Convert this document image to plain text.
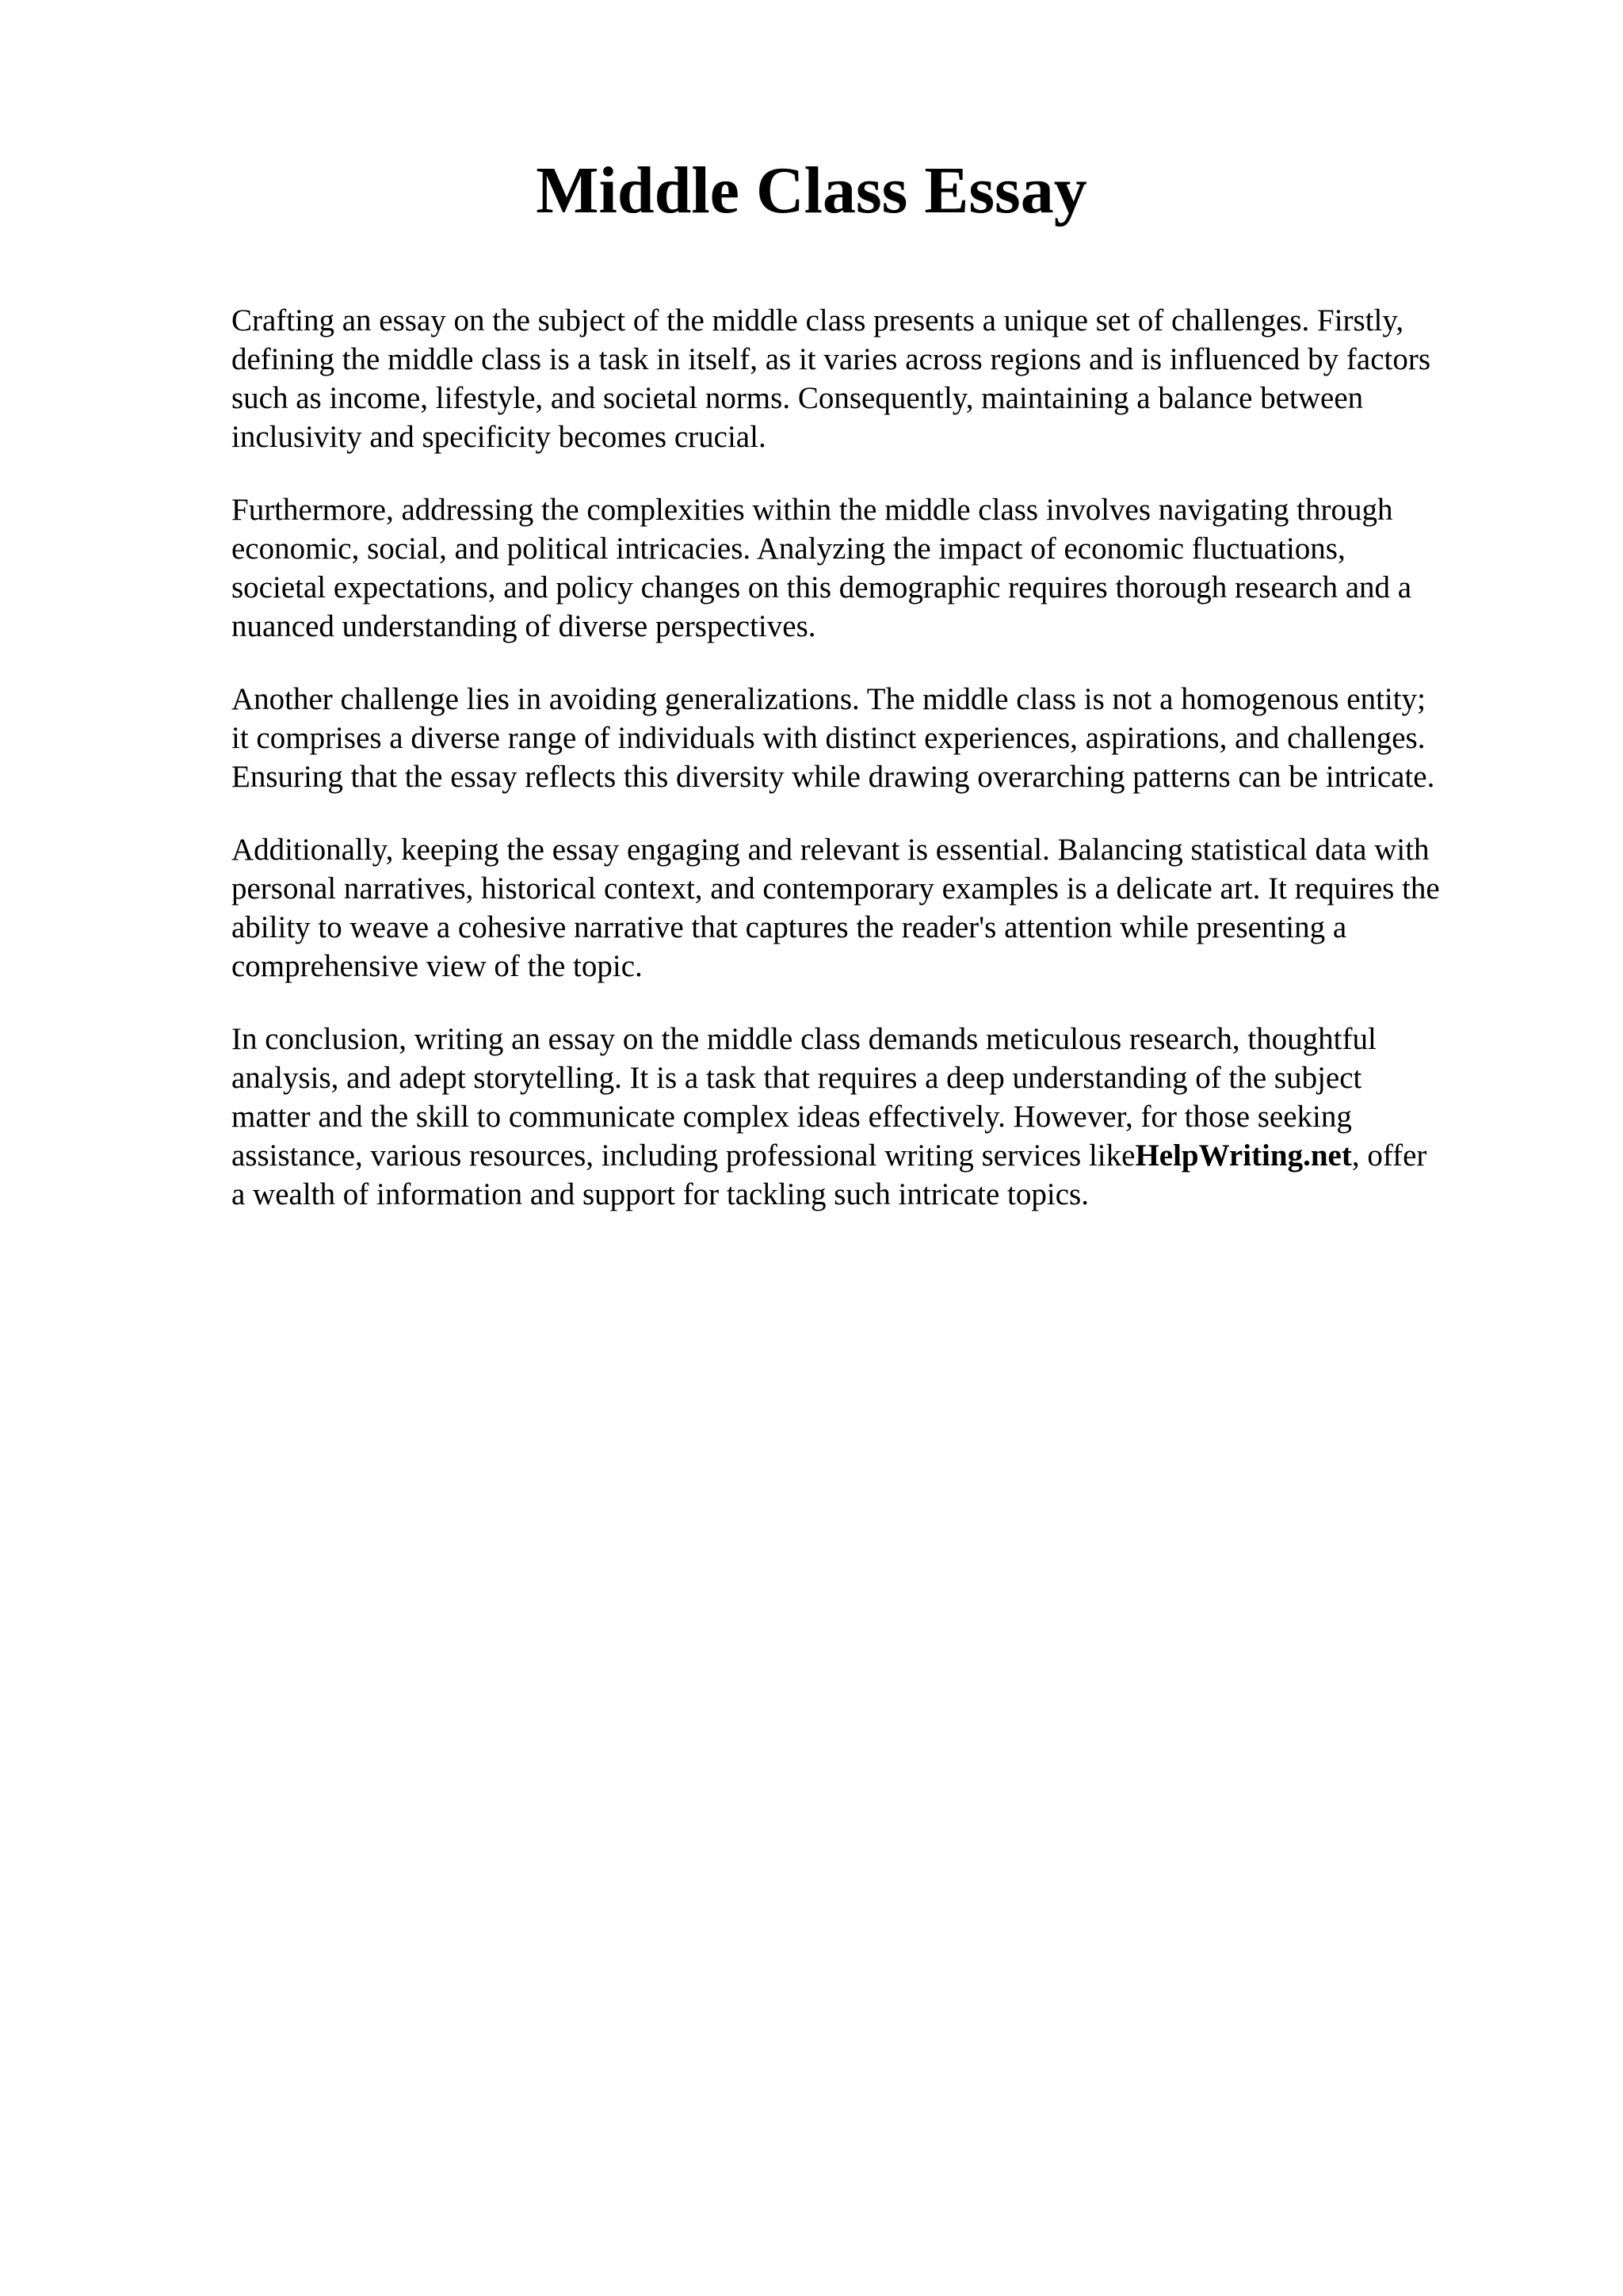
Middle Class Essay

Crafting an essay on the subject of the middle class presents a unique set of challenges. Firstly,
defining the middle class is a task in itself, as it varies across regions and is influenced by factors
such as income, lifestyle, and societal norms. Consequently, maintaining a balance between
inclusivity and specificity becomes crucial.

Furthermore, addressing the complexities within the middle class involves navigating through
economic, social, and political intricacies. Analyzing the impact of economic fluctuations,
societal expectations, and policy changes on this demographic requires thorough research and a
nuanced understanding of diverse perspectives.

Another challenge lies in avoiding generalizations. The middle class is not a homogenous entity;
it comprises a diverse range of individuals with distinct experiences, aspirations, and challenges.
Ensuring that the essay reflects this diversity while drawing overarching patterns can be intricate.

Additionally, keeping the essay engaging and relevant is essential. Balancing statistical data with
personal narratives, historical context, and contemporary examples is a delicate art. It requires the
ability to weave a cohesive narrative that captures the reader's attention while presenting a
comprehensive view of the topic.

In conclusion, writing an essay on the middle class demands meticulous research, thoughtful
analysis, and adept storytelling. It is a task that requires a deep understanding of the subject
matter and the skill to communicate complex ideas effectively. However, for those seeking
assistance, various resources, including professional writing services likeHelpWriting.net, offer
a wealth of information and support for tackling such intricate topics.
